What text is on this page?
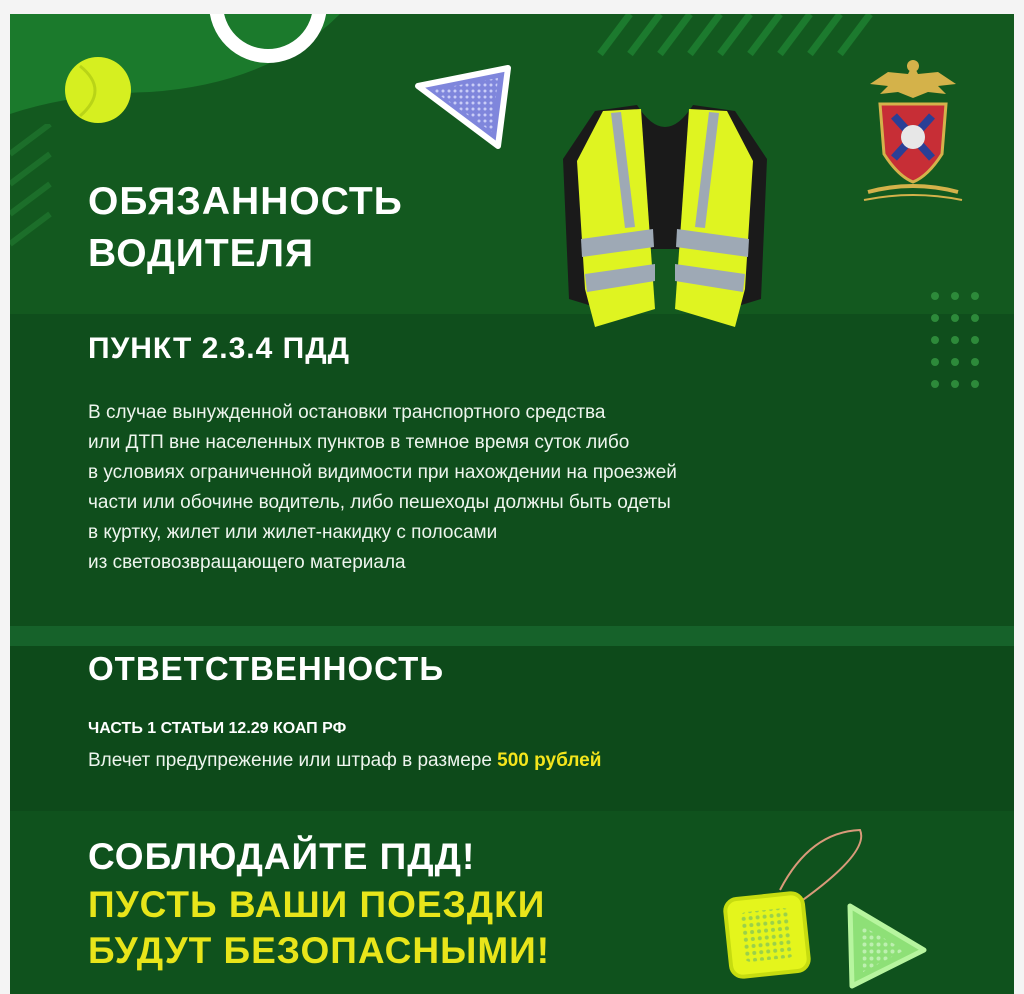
ОБЯЗАННОСТЬ
ВОДИТЕЛЯ
ПУНКТ 2.3.4 ПДД
В случае вынужденной остановки транспортного средства
или ДТП вне населенных пунктов в темное время суток либо
в условиях ограниченной видимости при нахождении на проезжей
части или обочине водитель, либо пешеходы должны быть одеты
в куртку, жилет или жилет-накидку с полосами
из световозвращающего материала
ОТВЕТСТВЕННОСТЬ
ЧАСТЬ 1 СТАТЬИ 12.29 КОАП РФ
Влечет предупрежение или штраф в размере 500 рублей
СОБЛЮДАЙТЕ ПДД!
ПУСТЬ ВАШИ ПОЕЗДКИ
БУДУТ БЕЗОПАСНЫМИ!
